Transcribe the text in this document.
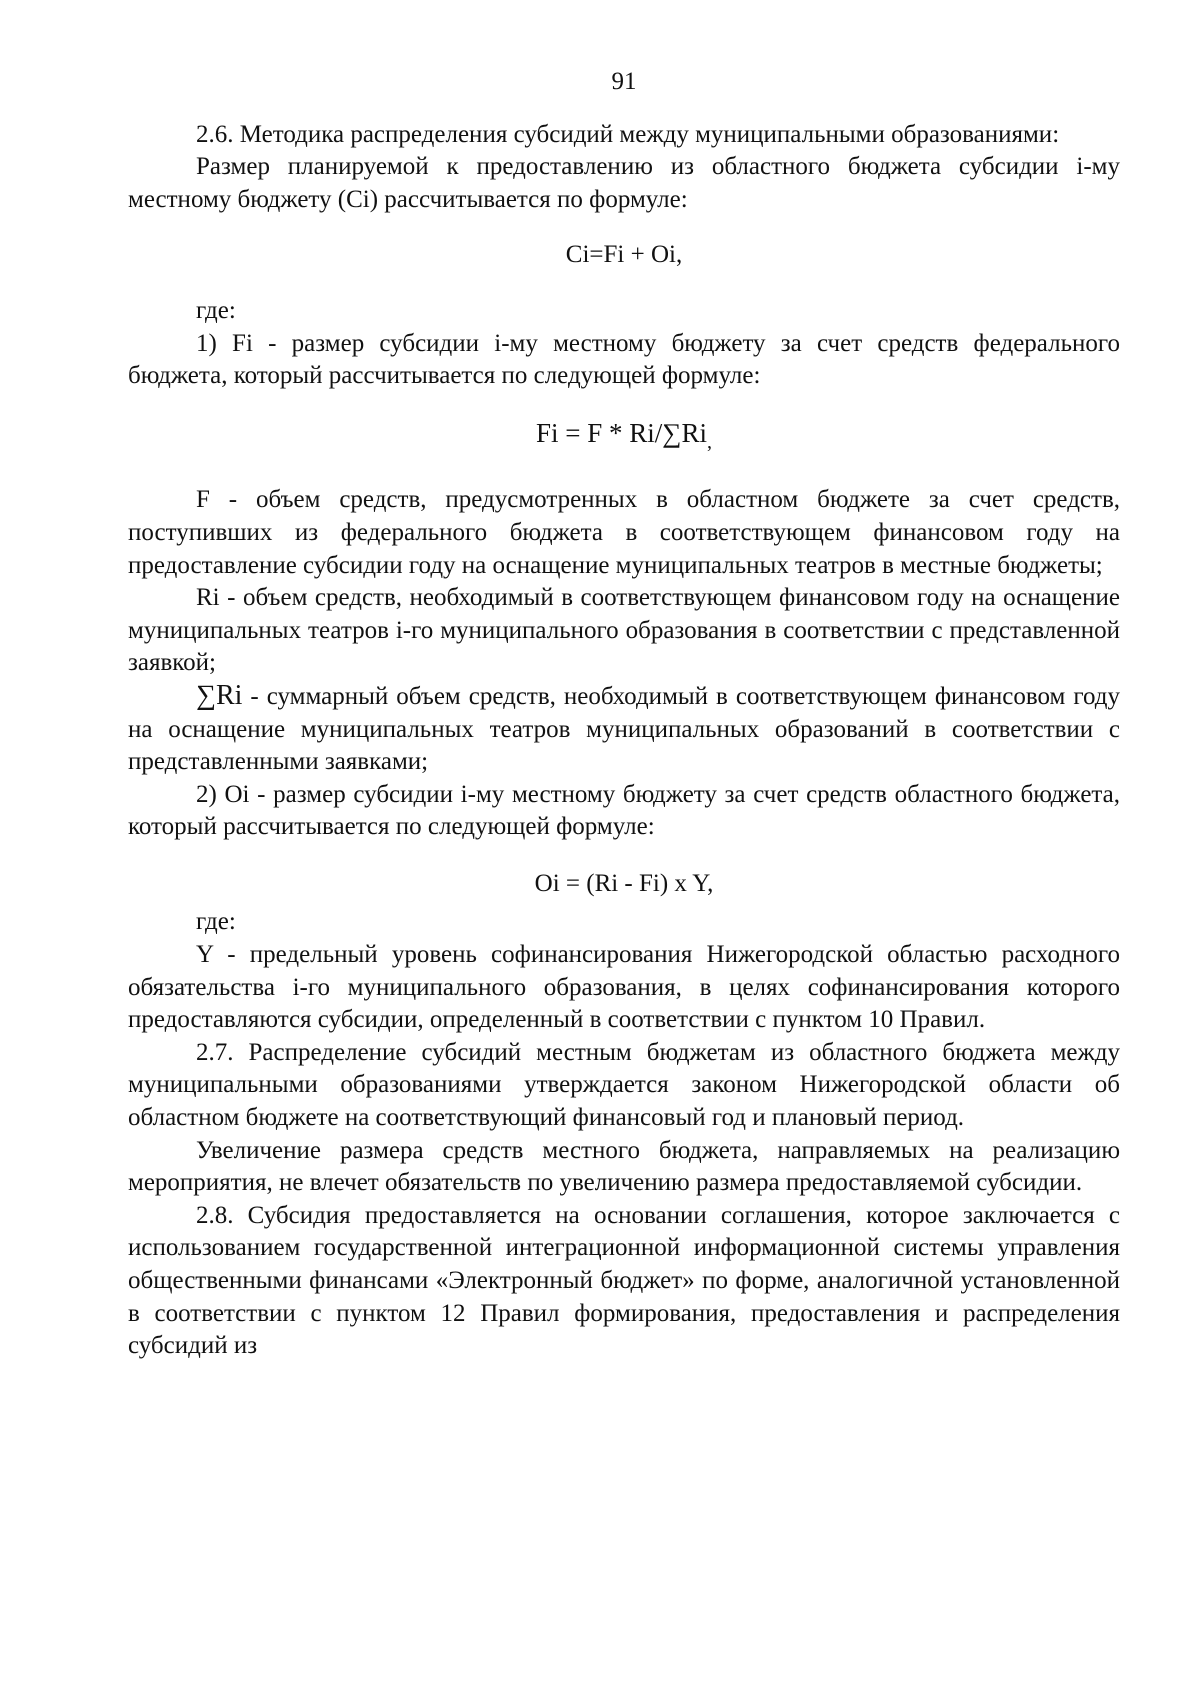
91

2.6. Методика распределения субсидий между муниципальными образованиями:

Размер планируемой к предоставлению из областного бюджета субсидии i-му местному бюджету (Ci) рассчитывается по формуле:

Ci=Fi + Oi,

где:

1) Fi - размер субсидии i-му местному бюджету за счет средств федерального бюджета, который рассчитывается по следующей формуле:

$Fi = F * Ri/\sum Ri_,$

F - объем средств, предусмотренных в областном бюджете за счет средств, поступивших из федерального бюджета в соответствующем финансовом году на предоставление субсидии году на оснащение муниципальных театров в местные бюджеты;

Ri - объем средств, необходимый в соответствующем финансовом году на оснащение муниципальных театров i-го муниципального образования в соответствии с представленной заявкой;

∑Ri - суммарный объем средств, необходимый в соответствующем финансовом году на оснащение муниципальных театров муниципальных образований в соответствии с представленными заявками;

2) Oi - размер субсидии i-му местному бюджету за счет средств областного бюджета, который рассчитывается по следующей формуле:

Oi = (Ri - Fi) x Y,

где:

Y - предельный уровень софинансирования Нижегородской областью расходного обязательства i-го муниципального образования, в целях софинансирования которого предоставляются субсидии, определенный в соответствии с пунктом 10 Правил.

2.7. Распределение субсидий местным бюджетам из областного бюджета между муниципальными образованиями утверждается законом Нижегородской области об областном бюджете на соответствующий финансовый год и плановый период.

Увеличение размера средств местного бюджета, направляемых на реализацию мероприятия, не влечет обязательств по увеличению размера предоставляемой субсидии.

2.8. Субсидия предоставляется на основании соглашения, которое заключается с использованием государственной интеграционной информационной системы управления общественными финансами «Электронный бюджет» по форме, аналогичной установленной в соответствии с пунктом 12 Правил формирования, предоставления и распределения субсидий из
